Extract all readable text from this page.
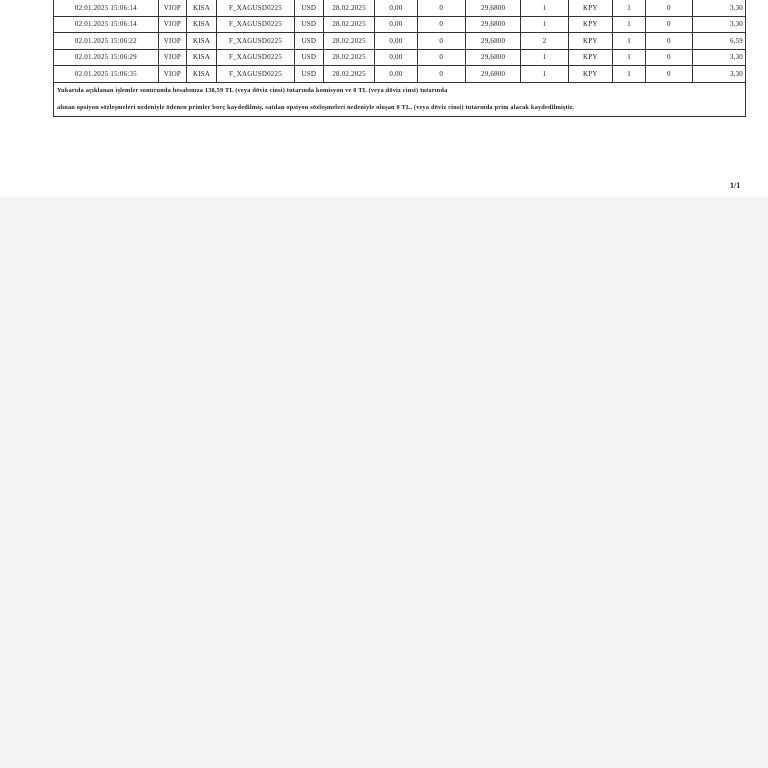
02.01.2025 15:06:14	VIOP	KISA	F_XAGUSD0225	USD	28.02.2025	0,00	0	29,6800	1	KPY	1	0	3,30
02.01.2025 15:06:14	VIOP	KISA	F_XAGUSD0225	USD	28.02.2025	0,00	0	29,6800	1	KPY	1	0	3,30
02.01.2025 15:06:22	VIOP	KISA	F_XAGUSD0225	USD	28.02.2025	0,00	0	29,6800	2	KPY	1	0	6,59
02.01.2025 15:06:29	VIOP	KISA	F_XAGUSD0225	USD	28.02.2025	0,00	0	29,6800	1	KPY	1	0	3,30
02.01.2025 15:06:35	VIOP	KISA	F_XAGUSD0225	USD	28.02.2025	0,00	0	29,6800	1	KPY	1	0	3,30

Yukarıda açıklanan işlemler sonucunda hesabınıza 138,59 TL (veya döviz cinsi) tutarında komisyon ve 0 TL (veya döviz cinsi) tutarında
alınan opsiyon sözleşmeleri nedeniyle ödenen primler borç kaydedilmiş, satılan opsiyon sözleşmeleri nedeniyle oluşan 0 TL. (veya döviz cinsi) tutarında prim alacak kaydedilmiştir.													
1/1
